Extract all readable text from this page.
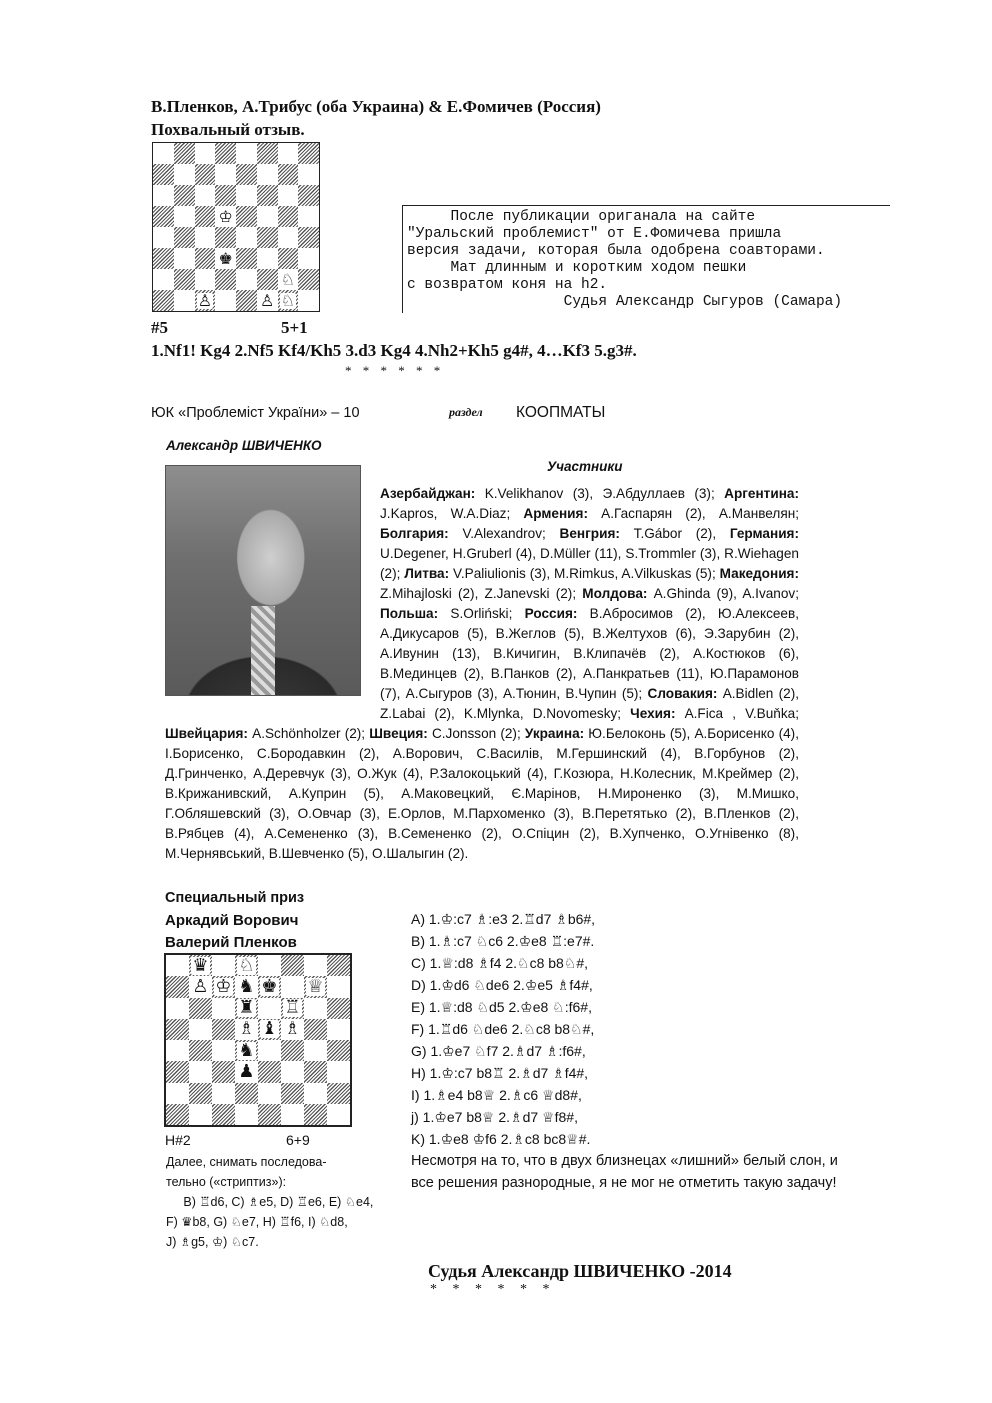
В.Пленков, А.Трибус (оба Украина) & Е.Фомичев (Россия)
Похвальный отзыв.
♔
♚
♘
♙	♙ ♘
#5	5+1
1.Nf1! Kg4 2.Nf5 Kf4/Kh5 3.d3 Kg4 4.Nh2+Kh5 g4#, 4…Kf3 5.g3#.
* * * * * *
После публикации ориганала на сайте
"Уральский проблемист" от Е.Фомичева пришла
версия задачи, которая была одобрена соавторами.
Мат длинным и коротким ходом пешки
с возвратом коня на h2.
Судья Александр Сыгуров (Самара)
ЮК «Проблеміст України» – 10	раздел КООПМАТЫ
Александр ШВИЧЕНКО
Участники
Азербайджан: K.Velikhanov (3), Э.Абдуллаев (3); Аргентина: J.Kapros, W.A.Diaz; Армения: А.Гаспарян (2), А.Манвелян; Болгария: V.Alexandrov; Венгрия: T.Gábor (2), Германия: U.Degener, H.Gruberl (4), D.Müller (11), S.Trommler (3), R.Wiehagen (2); Литва: V.Paliulionis (3), M.Rimkus, A.Vilkuskas (5); Македония: Z.Mihajloski (2), Z.Janevski (2); Молдова: A.Ghinda (9), A.Ivanov; Польша: S.Orliński; Россия: В.Абросимов (2), Ю.Алексеев, А.Дикусаров (5), В.Жеглов (5), В.Желтухов (6), Э.Зарубин (2), А.Ивунин (13), В.Кичигин, В.Клипачёв (2), А.Костюков (6), В.Мединцев (2), В.Панков (2), А.Панкратьев (11), Ю.Парамонов (7), А.Сыгуров (3), А.Тюнин, В.Чупин (5); Словакия: A.Bidlen (2), Z.Labai (2), K.Mlynka, D.Novomesky; Чехия: A.Fica , V.Buňka; Швейцария: A.Schönholzer (2); Швеция: C.Jonsson (2); Украина: Ю.Белоконь (5), А.Борисенко (4), I.Борисенко, С.Бородавкин (2), А.Ворович, С.Василів, М.Гершинский (4), В.Горбунов (2), Д.Гринченко, А.Деревчук (3), О.Жук (4), Р.Залокоцький (4), Г.Козюра, Н.Колесник, М.Креймер (2), В.Крижанивский, А.Куприн (5), А.Маковецкий, Є.Марінов, Н.Мироненко (3), М.Мишко, Г.Обляшевский (3), О.Овчар (3), Е.Орлов, М.Пархоменко (3), В.Перетятько (2), В.Пленков (2), В.Рябцев (4), А.Семененко (3), В.Семененко (2), О.Спіцин (2), В.Хупченко, О.Угнівенко (8), М.Чернявський, В.Шевченко (5), О.Шалыгин (2).
Специальный приз
Аркадий Ворович
Валерий Пленков
♛ ♘
♙ ♔ ♞ ♚ ♕
♜ ♖
♗ ♝ ♗
♞
♟
H#2	6+9
Далее, снимать последова-
тельно («стриптиз»):
B) ♖d6, C) ♗e5, D) ♖e6, E) ♘e4,
F) ♛b8, G) ♘e7, H) ♖f6, I) ♘d8,
J) ♗g5, ♔) ♘c7.
A) 1.♔:c7 ♗:e3 2.♖d7 ♗b6#,
B) 1.♗:c7 ♘c6 2.♔e8 ♖:e7#.
C) 1.♕:d8 ♗f4 2.♘c8 b8♘#,
D) 1.♔d6 ♘de6 2.♔e5 ♗f4#,
E) 1.♕:d8 ♘d5 2.♔e8 ♘:f6#,
F) 1.♖d6 ♘de6 2.♘c8 b8♘#,
G) 1.♔e7 ♘f7 2.♗d7 ♗:f6#,
H) 1.♔:c7 b8♖ 2.♗d7 ♗f4#,
I) 1.♗e4 b8♕ 2.♗c6 ♕d8#,
j) 1.♔e7 b8♕ 2.♗d7 ♕f8#,
K) 1.♔e8 ♔f6 2.♗c8 bc8♕#.
Несмотря на то, что в двух близнецах «лишний» белый слон, и все решения разнородные, я не мог не отметить такую задачу!
Судья Александр ШВИЧЕНКО -2014
* * * * * *
